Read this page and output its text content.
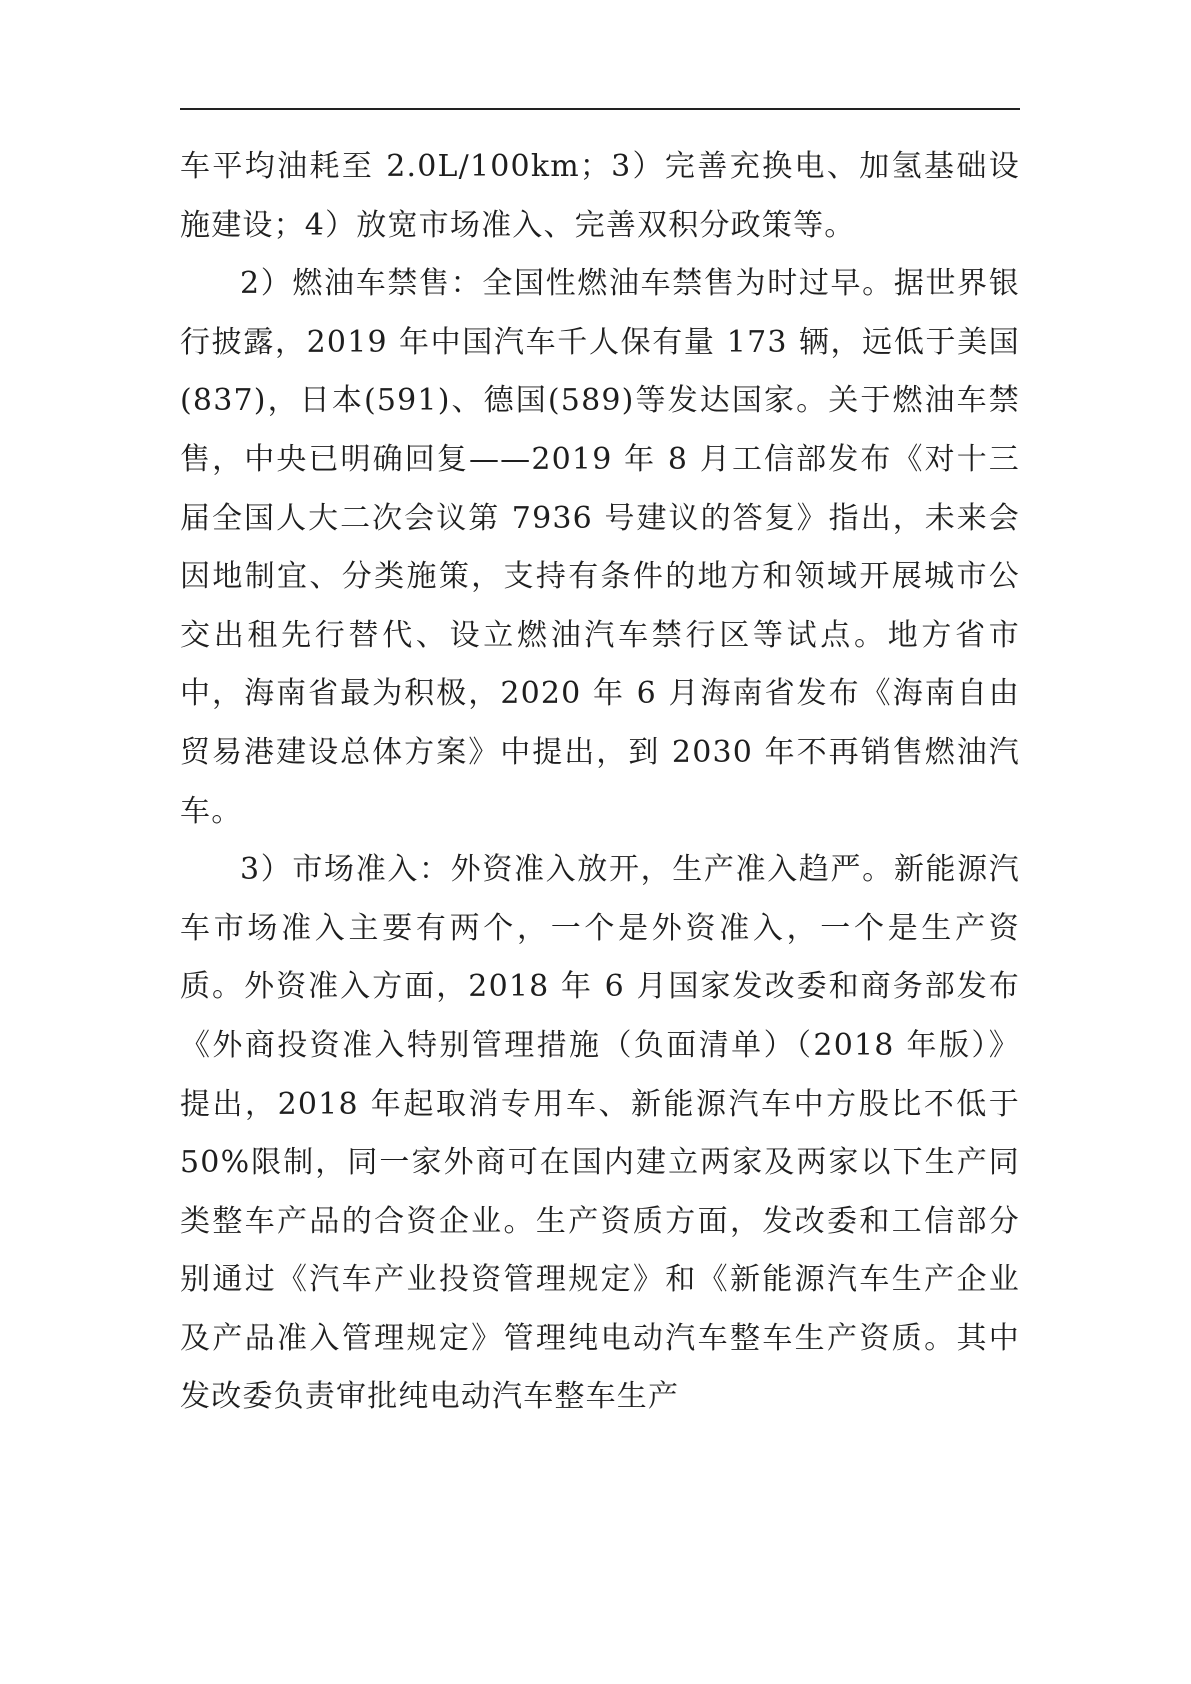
车平均油耗至 2.0L/100km；3）完善充换电、加氢基础设施建设；4）放宽市场准入、完善双积分政策等。

2）燃油车禁售：全国性燃油车禁售为时过早。据世界银行披露，2019 年中国汽车千人保有量 173 辆，远低于美国(837)，日本(591)、德国(589)等发达国家。关于燃油车禁售，中央已明确回复——2019 年 8 月工信部发布《对十三届全国人大二次会议第 7936 号建议的答复》指出，未来会因地制宜、分类施策，支持有条件的地方和领域开展城市公交出租先行替代、设立燃油汽车禁行区等试点。地方省市中，海南省最为积极，2020 年 6 月海南省发布《海南自由贸易港建设总体方案》中提出，到 2030 年不再销售燃油汽车。

3）市场准入：外资准入放开，生产准入趋严。新能源汽车市场准入主要有两个，一个是外资准入，一个是生产资质。外资准入方面，2018 年 6 月国家发改委和商务部发布《外商投资准入特别管理措施（负面清单）（2018 年版）》提出，2018 年起取消专用车、新能源汽车中方股比不低于 50%限制，同一家外商可在国内建立两家及两家以下生产同类整车产品的合资企业。生产资质方面，发改委和工信部分别通过《汽车产业投资管理规定》和《新能源汽车生产企业及产品准入管理规定》管理纯电动汽车整车生产资质。其中发改委负责审批纯电动汽车整车生产
